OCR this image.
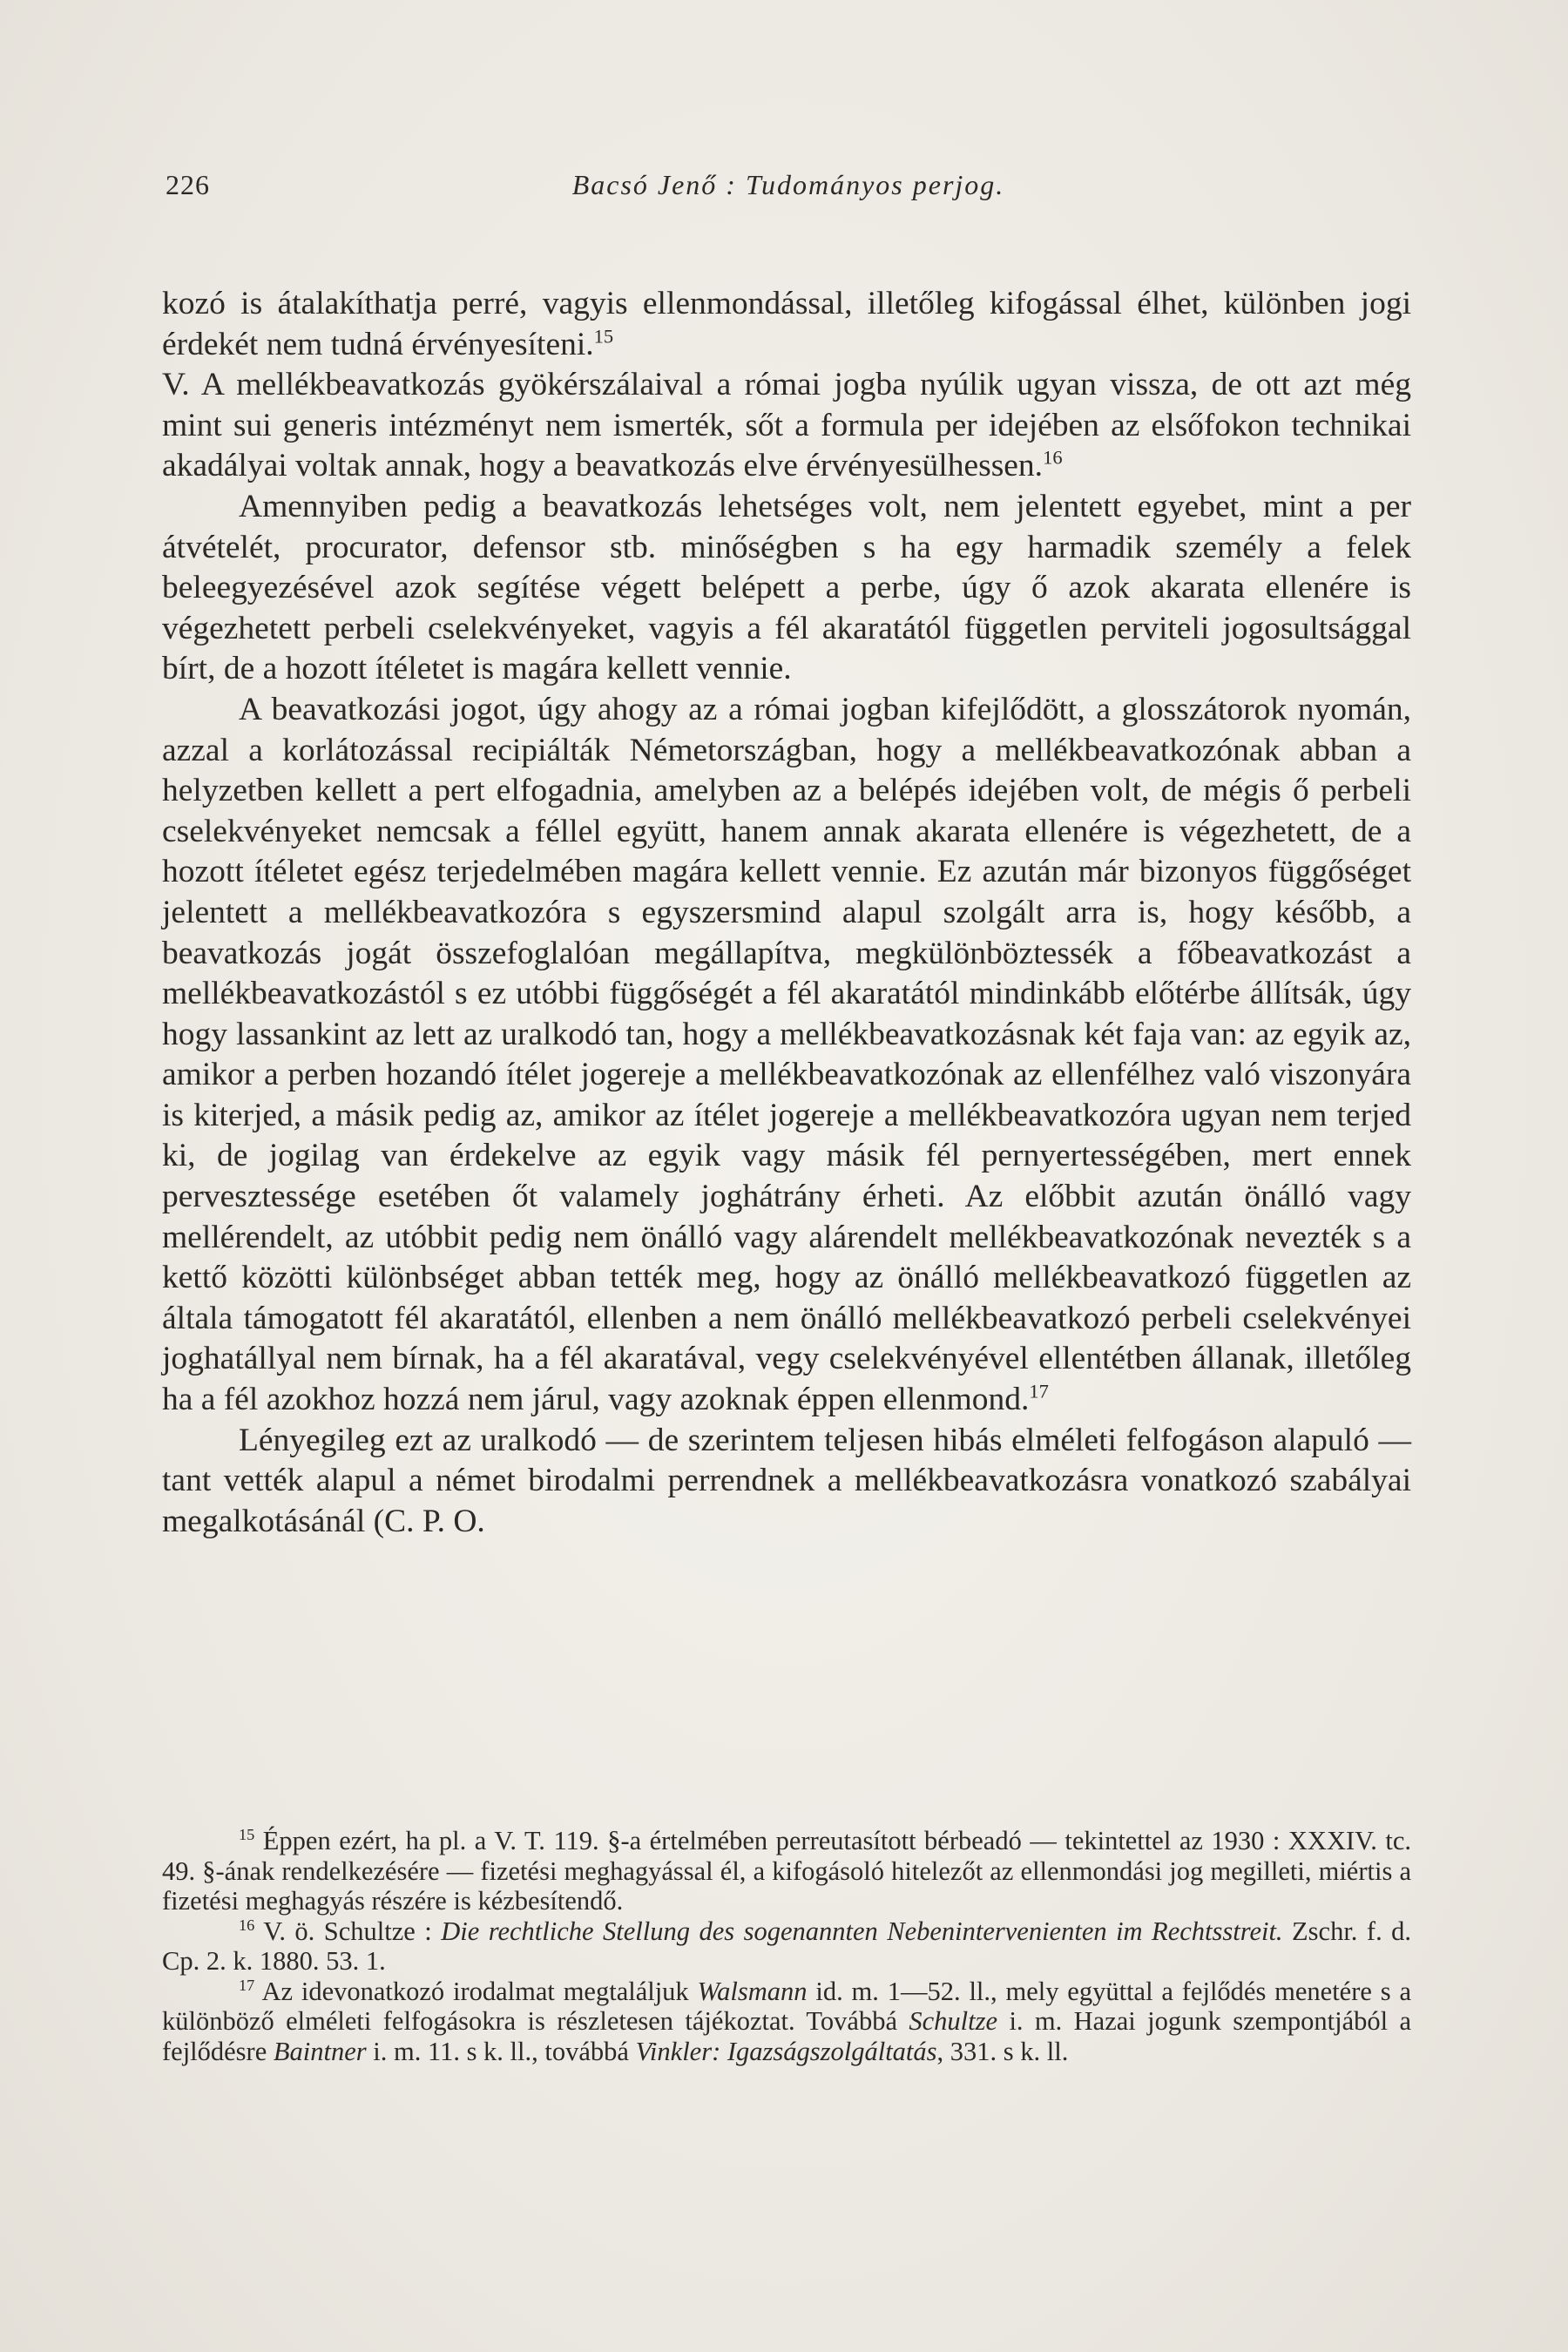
226	Bacsó Jenő : Tudományos perjog.

kozó is átalakíthatja perré, vagyis ellenmondással, illetőleg kifogással élhet, különben jogi érdekét nem tudná érvényesíteni.$^{15}$

V. A mellékbeavatkozás gyökérszálaival a római jogba nyúlik ugyan vissza, de ott azt még mint sui generis intézményt nem ismerték, sőt a formula per idejében az elsőfokon technikai akadályai voltak annak, hogy a beavatkozás elve érvényesülhessen.$^{16}$

Amennyiben pedig a beavatkozás lehetséges volt, nem jelentett egyebet, mint a per átvételét, procurator, defensor stb. minőségben s ha egy harmadik személy a felek beleegyezésével azok segítése végett belépett a perbe, úgy ő azok akarata ellenére is végezhetett perbeli cselekvényeket, vagyis a fél akaratától független perviteli jogosultsággal bírt, de a hozott ítéletet is magára kellett vennie.

A beavatkozási jogot, úgy ahogy az a római jogban kifejlődött, a glosszátorok nyomán, azzal a korlátozással recipiálták Németországban, hogy a mellékbeavatkozónak abban a helyzetben kellett a pert elfogadnia, amelyben az a belépés idejében volt, de mégis ő perbeli cselekvényeket nemcsak a féllel együtt, hanem annak akarata ellenére is végezhetett, de a hozott ítéletet egész terjedelmében magára kellett vennie. Ez azután már bizonyos függőséget jelentett a mellékbeavatkozóra s egyszersmind alapul szolgált arra is, hogy később, a beavatkozás jogát összefoglalóan megállapítva, megkülönböztessék a főbeavatkozást a mellékbeavatkozástól s ez utóbbi függőségét a fél akaratától mindinkább előtérbe állítsák, úgy hogy lassankint az lett az uralkodó tan, hogy a mellékbeavatkozásnak két faja van: az egyik az, amikor a perben hozandó ítélet jogereje a mellékbeavatkozónak az ellenfélhez való viszonyára is kiterjed, a másik pedig az, amikor az ítélet jogereje a mellékbeavatkozóra ugyan nem terjed ki, de jogilag van érdekelve az egyik vagy másik fél pernyertességében, mert ennek pervesztessége esetében őt valamely joghátrány érheti. Az előbbit azután önálló vagy mellérendelt, az utóbbit pedig nem önálló vagy alárendelt mellékbeavatkozónak nevezték s a kettő közötti különbséget abban tették meg, hogy az önálló mellékbeavatkozó független az általa támogatott fél akaratától, ellenben a nem önálló mellékbeavatkozó perbeli cselekvényei joghatállyal nem bírnak, ha a fél akaratával, vegy cselekvényével ellentétben állanak, illetőleg ha a fél azokhoz hozzá nem járul, vagy azoknak éppen ellenmond.$^{17}$

Lényegileg ezt az uralkodó — de szerintem teljesen hibás elméleti felfogáson alapuló — tant vették alapul a német birodalmi perrendnek a mellékbeavatkozásra vonatkozó szabályai megalkotásánál (C. P. O.

$^{15}$ Éppen ezért, ha pl. a V. T. 119. §-a értelmében perreutasított bérbeadó — tekintettel az 1930 : XXXIV. tc. 49. §-ának rendelkezésére — fizetési meghagyással él, a kifogásoló hitelezőt az ellenmondási jog megilleti, miértis a fizetési meghagyás részére is kézbesítendő.

$^{16}$ V. ö. Schultze : Die rechtliche Stellung des sogenannten Nebenintervenienten im Rechtsstreit. Zschr. f. d. Cp. 2. k. 1880. 53. 1.

$^{17}$ Az idevonatkozó irodalmat megtaláljuk Walsmann id. m. 1—52. ll., mely együttal a fejlődés menetére s a különböző elméleti felfogásokra is részletesen tájékoztat. Továbbá Schultze i. m. Hazai jogunk szempontjából a fejlődésre Baintner i. m. 11. s k. ll., továbbá Vinkler: Igazságszolgáltatás, 331. s k. ll.
